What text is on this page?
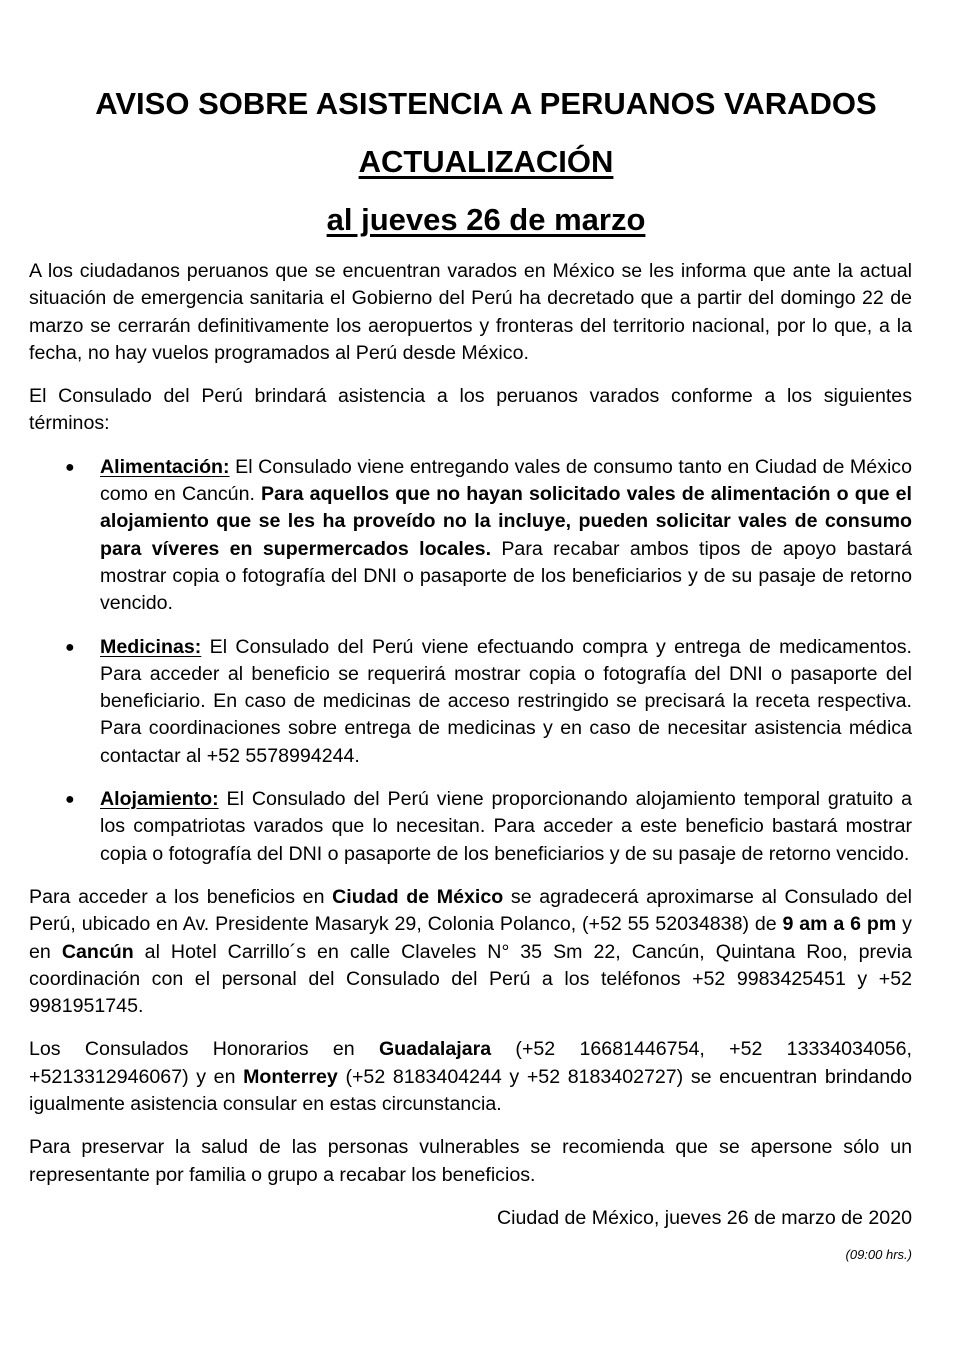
AVISO SOBRE ASISTENCIA A PERUANOS VARADOS
ACTUALIZACIÓN
al jueves 26 de marzo

A los ciudadanos peruanos que se encuentran varados en México se les informa que ante la actual situación de emergencia sanitaria el Gobierno del Perú ha decretado que a partir del domingo 22 de marzo se cerrarán definitivamente los aeropuertos y fronteras del territorio nacional, por lo que, a la fecha, no hay vuelos programados al Perú desde México.

El Consulado del Perú brindará asistencia a los peruanos varados conforme a los siguientes términos:

● Alimentación: El Consulado viene entregando vales de consumo tanto en Ciudad de México como en Cancún. Para aquellos que no hayan solicitado vales de alimentación o que el alojamiento que se les ha proveído no la incluye, pueden solicitar vales de consumo para víveres en supermercados locales. Para recabar ambos tipos de apoyo bastará mostrar copia o fotografía del DNI o pasaporte de los beneficiarios y de su pasaje de retorno vencido.
● Medicinas: El Consulado del Perú viene efectuando compra y entrega de medicamentos. Para acceder al beneficio se requerirá mostrar copia o fotografía del DNI o pasaporte del beneficiario. En caso de medicinas de acceso restringido se precisará la receta respectiva. Para coordinaciones sobre entrega de medicinas y en caso de necesitar asistencia médica contactar al +52 5578994244.
● Alojamiento: El Consulado del Perú viene proporcionando alojamiento temporal gratuito a los compatriotas varados que lo necesitan. Para acceder a este beneficio bastará mostrar copia o fotografía del DNI o pasaporte de los beneficiarios y de su pasaje de retorno vencido.

Para acceder a los beneficios en Ciudad de México se agradecerá aproximarse al Consulado del Perú, ubicado en Av. Presidente Masaryk 29, Colonia Polanco, (+52 55 52034838) de 9 am a 6 pm y en Cancún al Hotel Carrillo´s en calle Claveles N° 35 Sm 22, Cancún, Quintana Roo, previa coordinación con el personal del Consulado del Perú a los teléfonos +52 9983425451 y +52 9981951745.

Los Consulados Honorarios en Guadalajara (+52 16681446754, +52 13334034056, +5213312946067) y en Monterrey (+52 8183404244 y +52 8183402727) se encuentran brindando igualmente asistencia consular en estas circunstancia.

Para preservar la salud de las personas vulnerables se recomienda que se apersone sólo un representante por familia o grupo a recabar los beneficios.

Ciudad de México, jueves 26 de marzo de 2020

(09:00 hrs.)
